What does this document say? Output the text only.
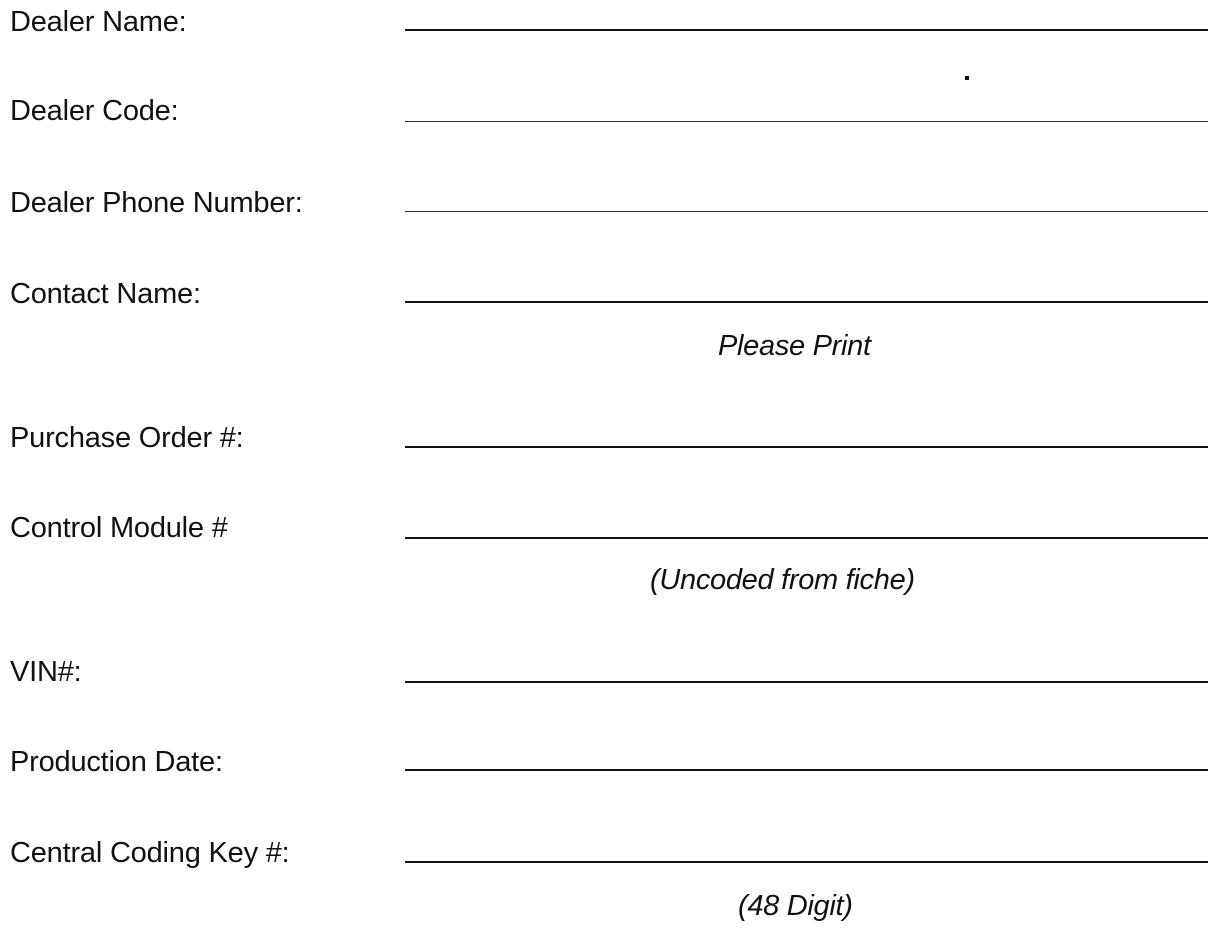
Dealer Name:
Dealer Code:
Dealer Phone Number:
Contact Name:
Please Print
Purchase Order #:
Control Module #
(Uncoded from fiche)
VIN#:
Production Date:
Central Coding Key #:
(48 Digit)
